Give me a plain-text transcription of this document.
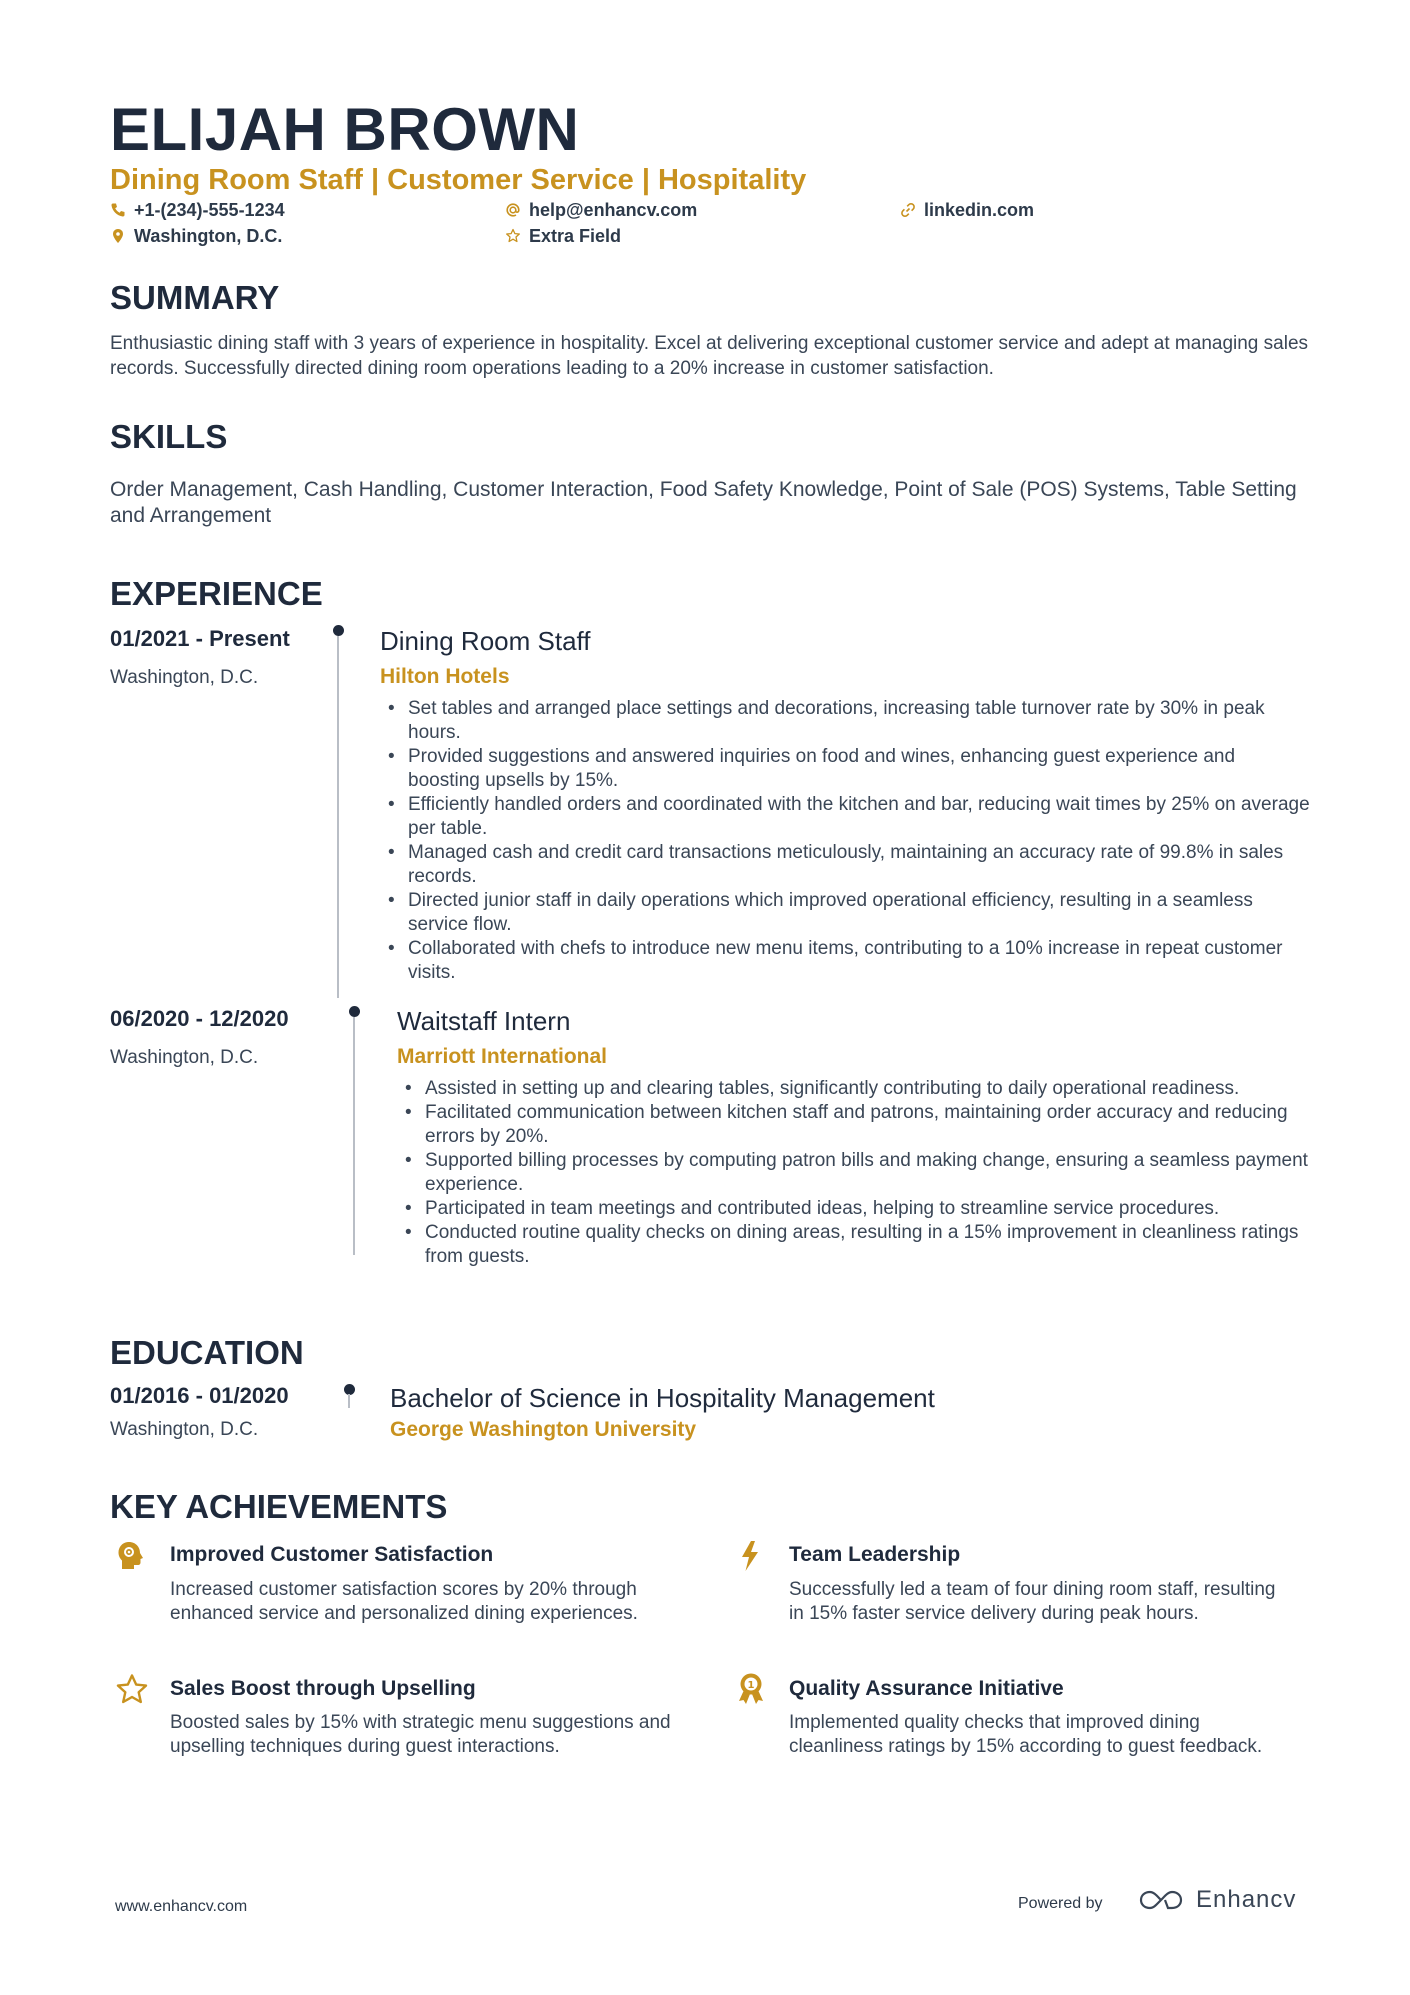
ELIJAH BROWN
Dining Room Staff | Customer Service | Hospitality
+1-(234)-555-1234	help@enhancv.com	linkedin.com
Washington, D.C.	Extra Field
SUMMARY
Enthusiastic dining staff with 3 years of experience in hospitality. Excel at delivering exceptional customer service and adept at managing sales records. Successfully directed dining room operations leading to a 20% increase in customer satisfaction.
SKILLS
Order Management, Cash Handling, Customer Interaction, Food Safety Knowledge, Point of Sale (POS) Systems, Table Setting and Arrangement
EXPERIENCE
01/2021 - Present
Washington, D.C.
Dining Room Staff
Hilton Hotels
• Set tables and arranged place settings and decorations, increasing table turnover rate by 30% in peak hours.
• Provided suggestions and answered inquiries on food and wines, enhancing guest experience and boosting upsells by 15%.
• Efficiently handled orders and coordinated with the kitchen and bar, reducing wait times by 25% on average per table.
• Managed cash and credit card transactions meticulously, maintaining an accuracy rate of 99.8% in sales records.
• Directed junior staff in daily operations which improved operational efficiency, resulting in a seamless service flow.
• Collaborated with chefs to introduce new menu items, contributing to a 10% increase in repeat customer visits.
06/2020 - 12/2020
Washington, D.C.
Waitstaff Intern
Marriott International
• Assisted in setting up and clearing tables, significantly contributing to daily operational readiness.
• Facilitated communication between kitchen staff and patrons, maintaining order accuracy and reducing errors by 20%.
• Supported billing processes by computing patron bills and making change, ensuring a seamless payment experience.
• Participated in team meetings and contributed ideas, helping to streamline service procedures.
• Conducted routine quality checks on dining areas, resulting in a 15% improvement in cleanliness ratings from guests.
EDUCATION
01/2016 - 01/2020
Washington, D.C.
Bachelor of Science in Hospitality Management
George Washington University
KEY ACHIEVEMENTS
Improved Customer Satisfaction
Increased customer satisfaction scores by 20% through enhanced service and personalized dining experiences.
Team Leadership
Successfully led a team of four dining room staff, resulting in 15% faster service delivery during peak hours.
Sales Boost through Upselling
Boosted sales by 15% with strategic menu suggestions and upselling techniques during guest interactions.
1 Quality Assurance Initiative
Implemented quality checks that improved dining cleanliness ratings by 15% according to guest feedback.
www.enhancv.com	Powered by	Enhancv
